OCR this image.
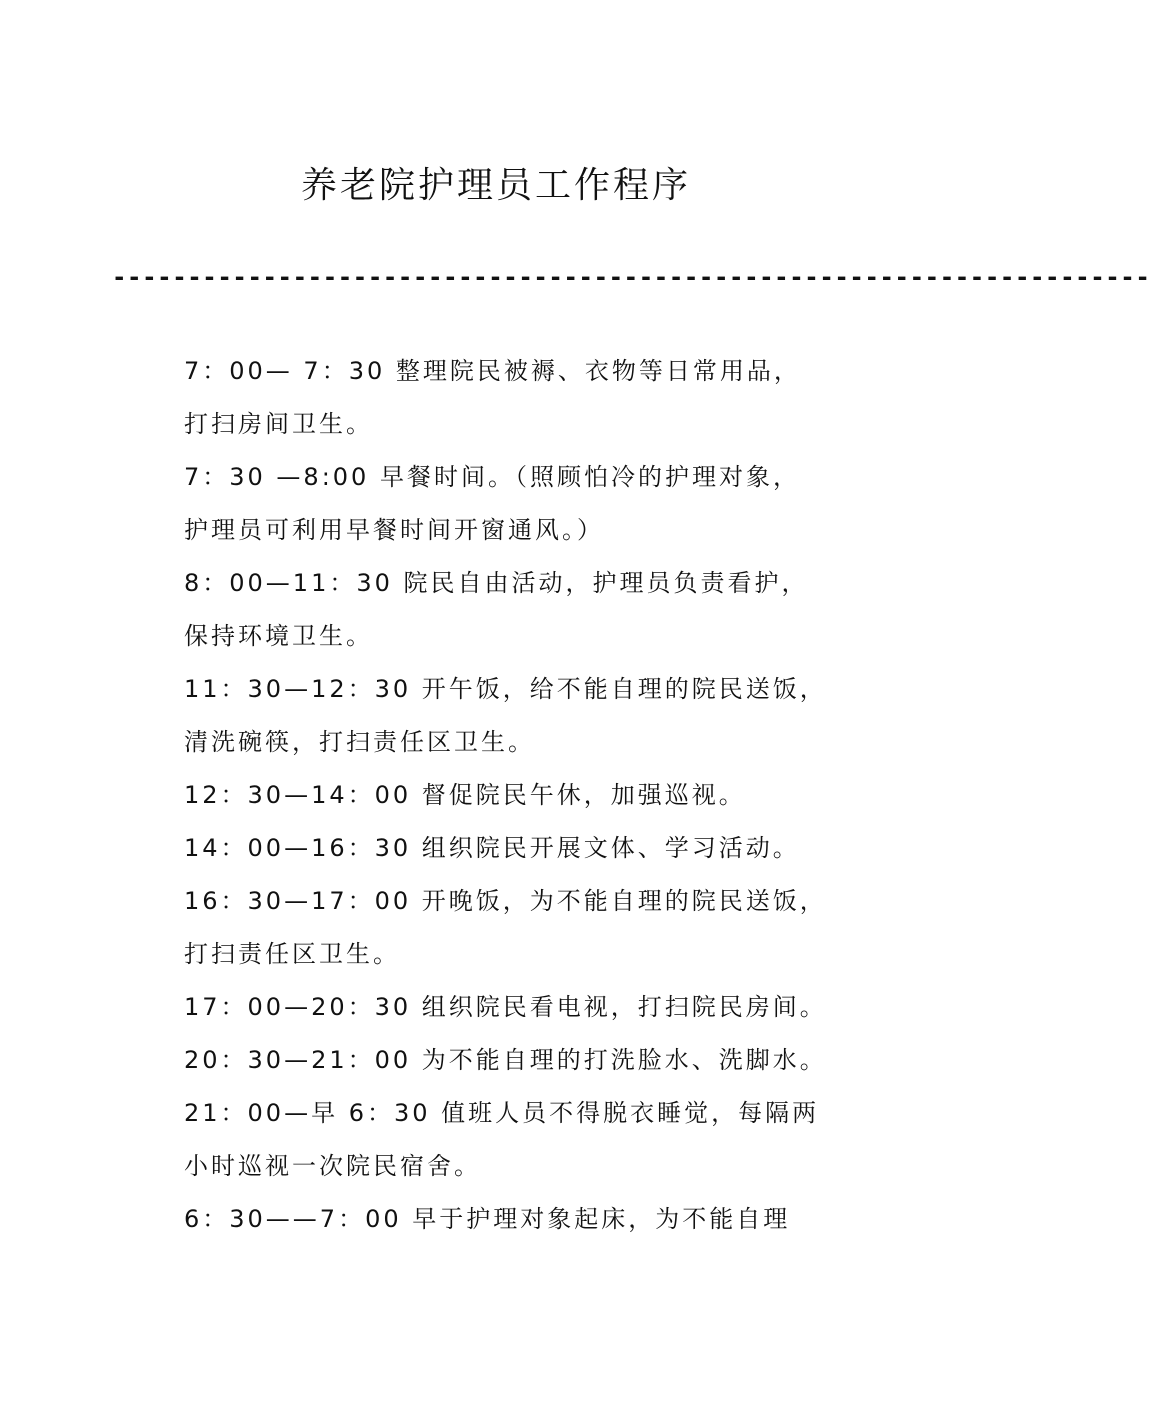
养老院护理员工作程序
---------------------------------------------------------------------
7：00— 7：30 整理院民被褥、衣物等日常用品，
打扫房间卫生。
7：30 —8:00 早餐时间。（照顾怕冷的护理对象，
护理员可利用早餐时间开窗通风。）
8：00—11：30 院民自由活动，护理员负责看护，
保持环境卫生。
11：30—12：30 开午饭，给不能自理的院民送饭，
清洗碗筷，打扫责任区卫生。
12：30—14：00 督促院民午休，加强巡视。
14：00—16：30 组织院民开展文体、学习活动。
16：30—17：00 开晚饭，为不能自理的院民送饭，
打扫责任区卫生。
17：00—20：30 组织院民看电视，打扫院民房间。
20：30—21：00 为不能自理的打洗脸水、洗脚水。
21：00—早 6：30 值班人员不得脱衣睡觉，每隔两
小时巡视一次院民宿舍。
6：30——7：00 早于护理对象起床，为不能自理
